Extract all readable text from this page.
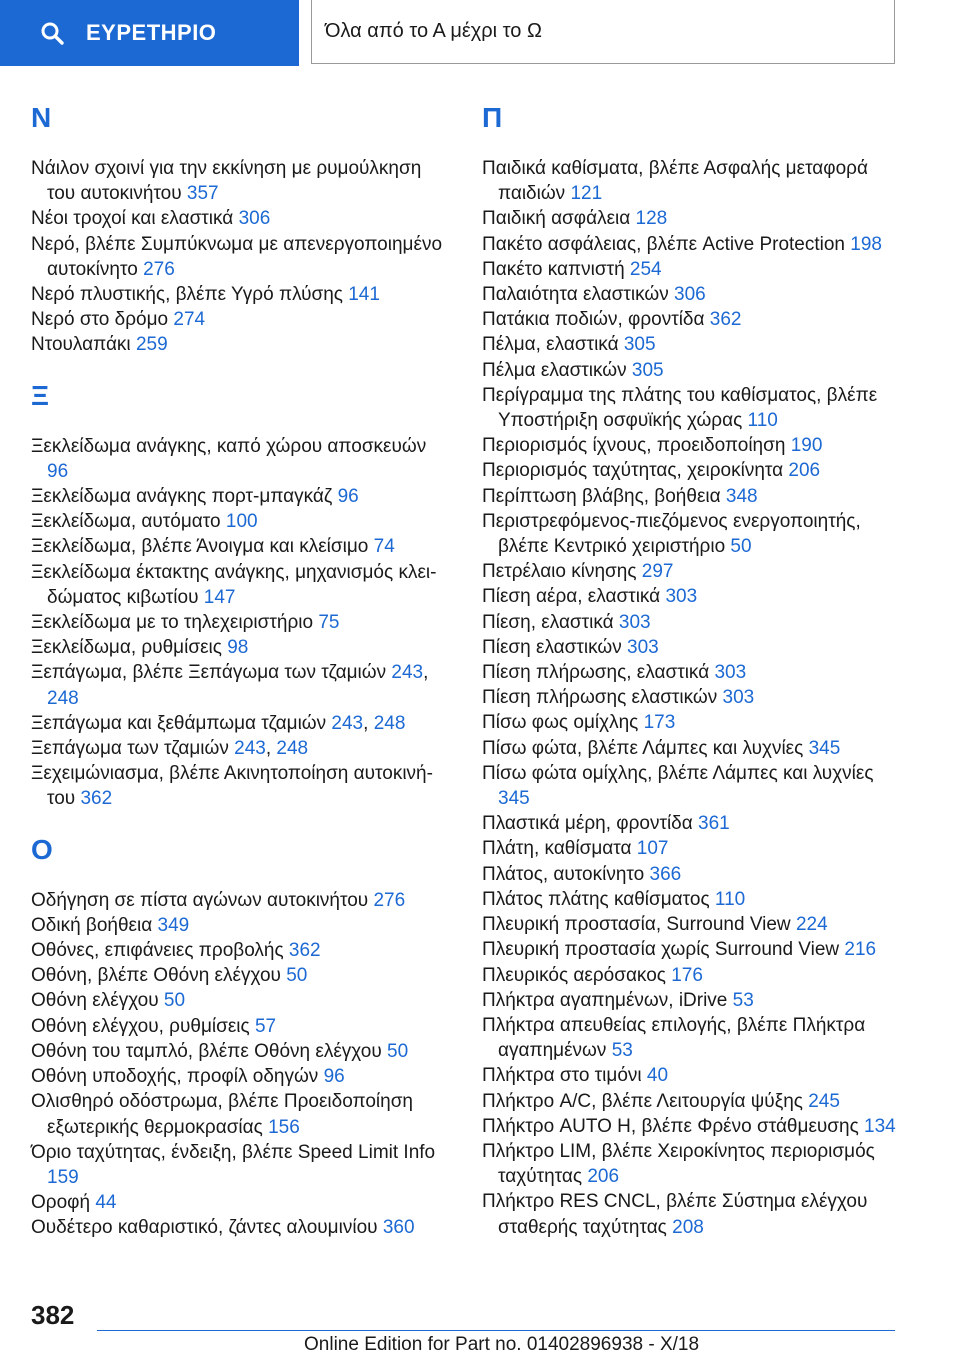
ΕΥΡΕΤΗΡΙΟ	Όλα από το Α μέχρι το Ω
Ν
Νάιλον σχοινί για την εκκίνηση με ρυμούλκηση του αυτοκινήτου 357
Νέοι τροχοί και ελαστικά 306
Νερό, βλέπε Συμπύκνωμα με απενεργοποιημένο αυτοκίνητο 276
Νερό πλυστικής, βλέπε Υγρό πλύσης 141
Νερό στο δρόμο 274
Ντουλαπάκι 259
Ξ
Ξεκλείδωμα ανάγκης, καπό χώρου αποσκευών 96
Ξεκλείδωμα ανάγκης πορτ-μπαγκάζ 96
Ξεκλείδωμα, αυτόματο 100
Ξεκλείδωμα, βλέπε Άνοιγμα και κλείσιμο 74
Ξεκλείδωμα έκτακτης ανάγκης, μηχανισμός κλειδώματος κιβωτίου 147
Ξεκλείδωμα με το τηλεχειριστήριο 75
Ξεκλείδωμα, ρυθμίσεις 98
Ξεπάγωμα, βλέπε Ξεπάγωμα των τζαμιών 243, 248
Ξεπάγωμα και ξεθάμπωμα τζαμιών 243, 248
Ξεπάγωμα των τζαμιών 243, 248
Ξεχειμώνιασμα, βλέπε Ακινητοποίηση αυτοκινήτου 362
Ο
Οδήγηση σε πίστα αγώνων αυτοκινήτου 276
Οδική βοήθεια 349
Οθόνες, επιφάνειες προβολής 362
Οθόνη, βλέπε Οθόνη ελέγχου 50
Οθόνη ελέγχου 50
Οθόνη ελέγχου, ρυθμίσεις 57
Οθόνη του ταμπλό, βλέπε Οθόνη ελέγχου 50
Οθόνη υποδοχής, προφίλ οδηγών 96
Ολισθηρό οδόστρωμα, βλέπε Προειδοποίηση εξωτερικής θερμοκρασίας 156
Όριο ταχύτητας, ένδειξη, βλέπε Speed Limit Info 159
Οροφή 44
Ουδέτερο καθαριστικό, ζάντες αλουμινίου 360
Π
Παιδικά καθίσματα, βλέπε Ασφαλής μεταφορά παιδιών 121
Παιδική ασφάλεια 128
Πακέτο ασφάλειας, βλέπε Active Protection 198
Πακέτο καπνιστή 254
Παλαιότητα ελαστικών 306
Πατάκια ποδιών, φροντίδα 362
Πέλμα, ελαστικά 305
Πέλμα ελαστικών 305
Περίγραμμα της πλάτης του καθίσματος, βλέπε Υποστήριξη οσφυϊκής χώρας 110
Περιορισμός ίχνους, προειδοποίηση 190
Περιορισμός ταχύτητας, χειροκίνητα 206
Περίπτωση βλάβης, βοήθεια 348
Περιστρεφόμενος-πιεζόμενος ενεργοποιητής, βλέπε Κεντρικό χειριστήριο 50
Πετρέλαιο κίνησης 297
Πίεση αέρα, ελαστικά 303
Πίεση, ελαστικά 303
Πίεση ελαστικών 303
Πίεση πλήρωσης, ελαστικά 303
Πίεση πλήρωσης ελαστικών 303
Πίσω φως ομίχλης 173
Πίσω φώτα, βλέπε Λάμπες και λυχνίες 345
Πίσω φώτα ομίχλης, βλέπε Λάμπες και λυχνίες 345
Πλαστικά μέρη, φροντίδα 361
Πλάτη, καθίσματα 107
Πλάτος, αυτοκίνητο 366
Πλάτος πλάτης καθίσματος 110
Πλευρική προστασία, Surround View 224
Πλευρική προστασία χωρίς Surround View 216
Πλευρικός αερόσακος 176
Πλήκτρα αγαπημένων, iDrive 53
Πλήκτρα απευθείας επιλογής, βλέπε Πλήκτρα αγαπημένων 53
Πλήκτρα στο τιμόνι 40
Πλήκτρο A/C, βλέπε Λειτουργία ψύξης 245
Πλήκτρο AUTO H, βλέπε Φρένο στάθμευσης 134
Πλήκτρο LIM, βλέπε Χειροκίνητος περιορισμός ταχύτητας 206
Πλήκτρο RES CNCL, βλέπε Σύστημα ελέγχου σταθερής ταχύτητας 208
382
Online Edition for Part no. 01402896938 - X/18
